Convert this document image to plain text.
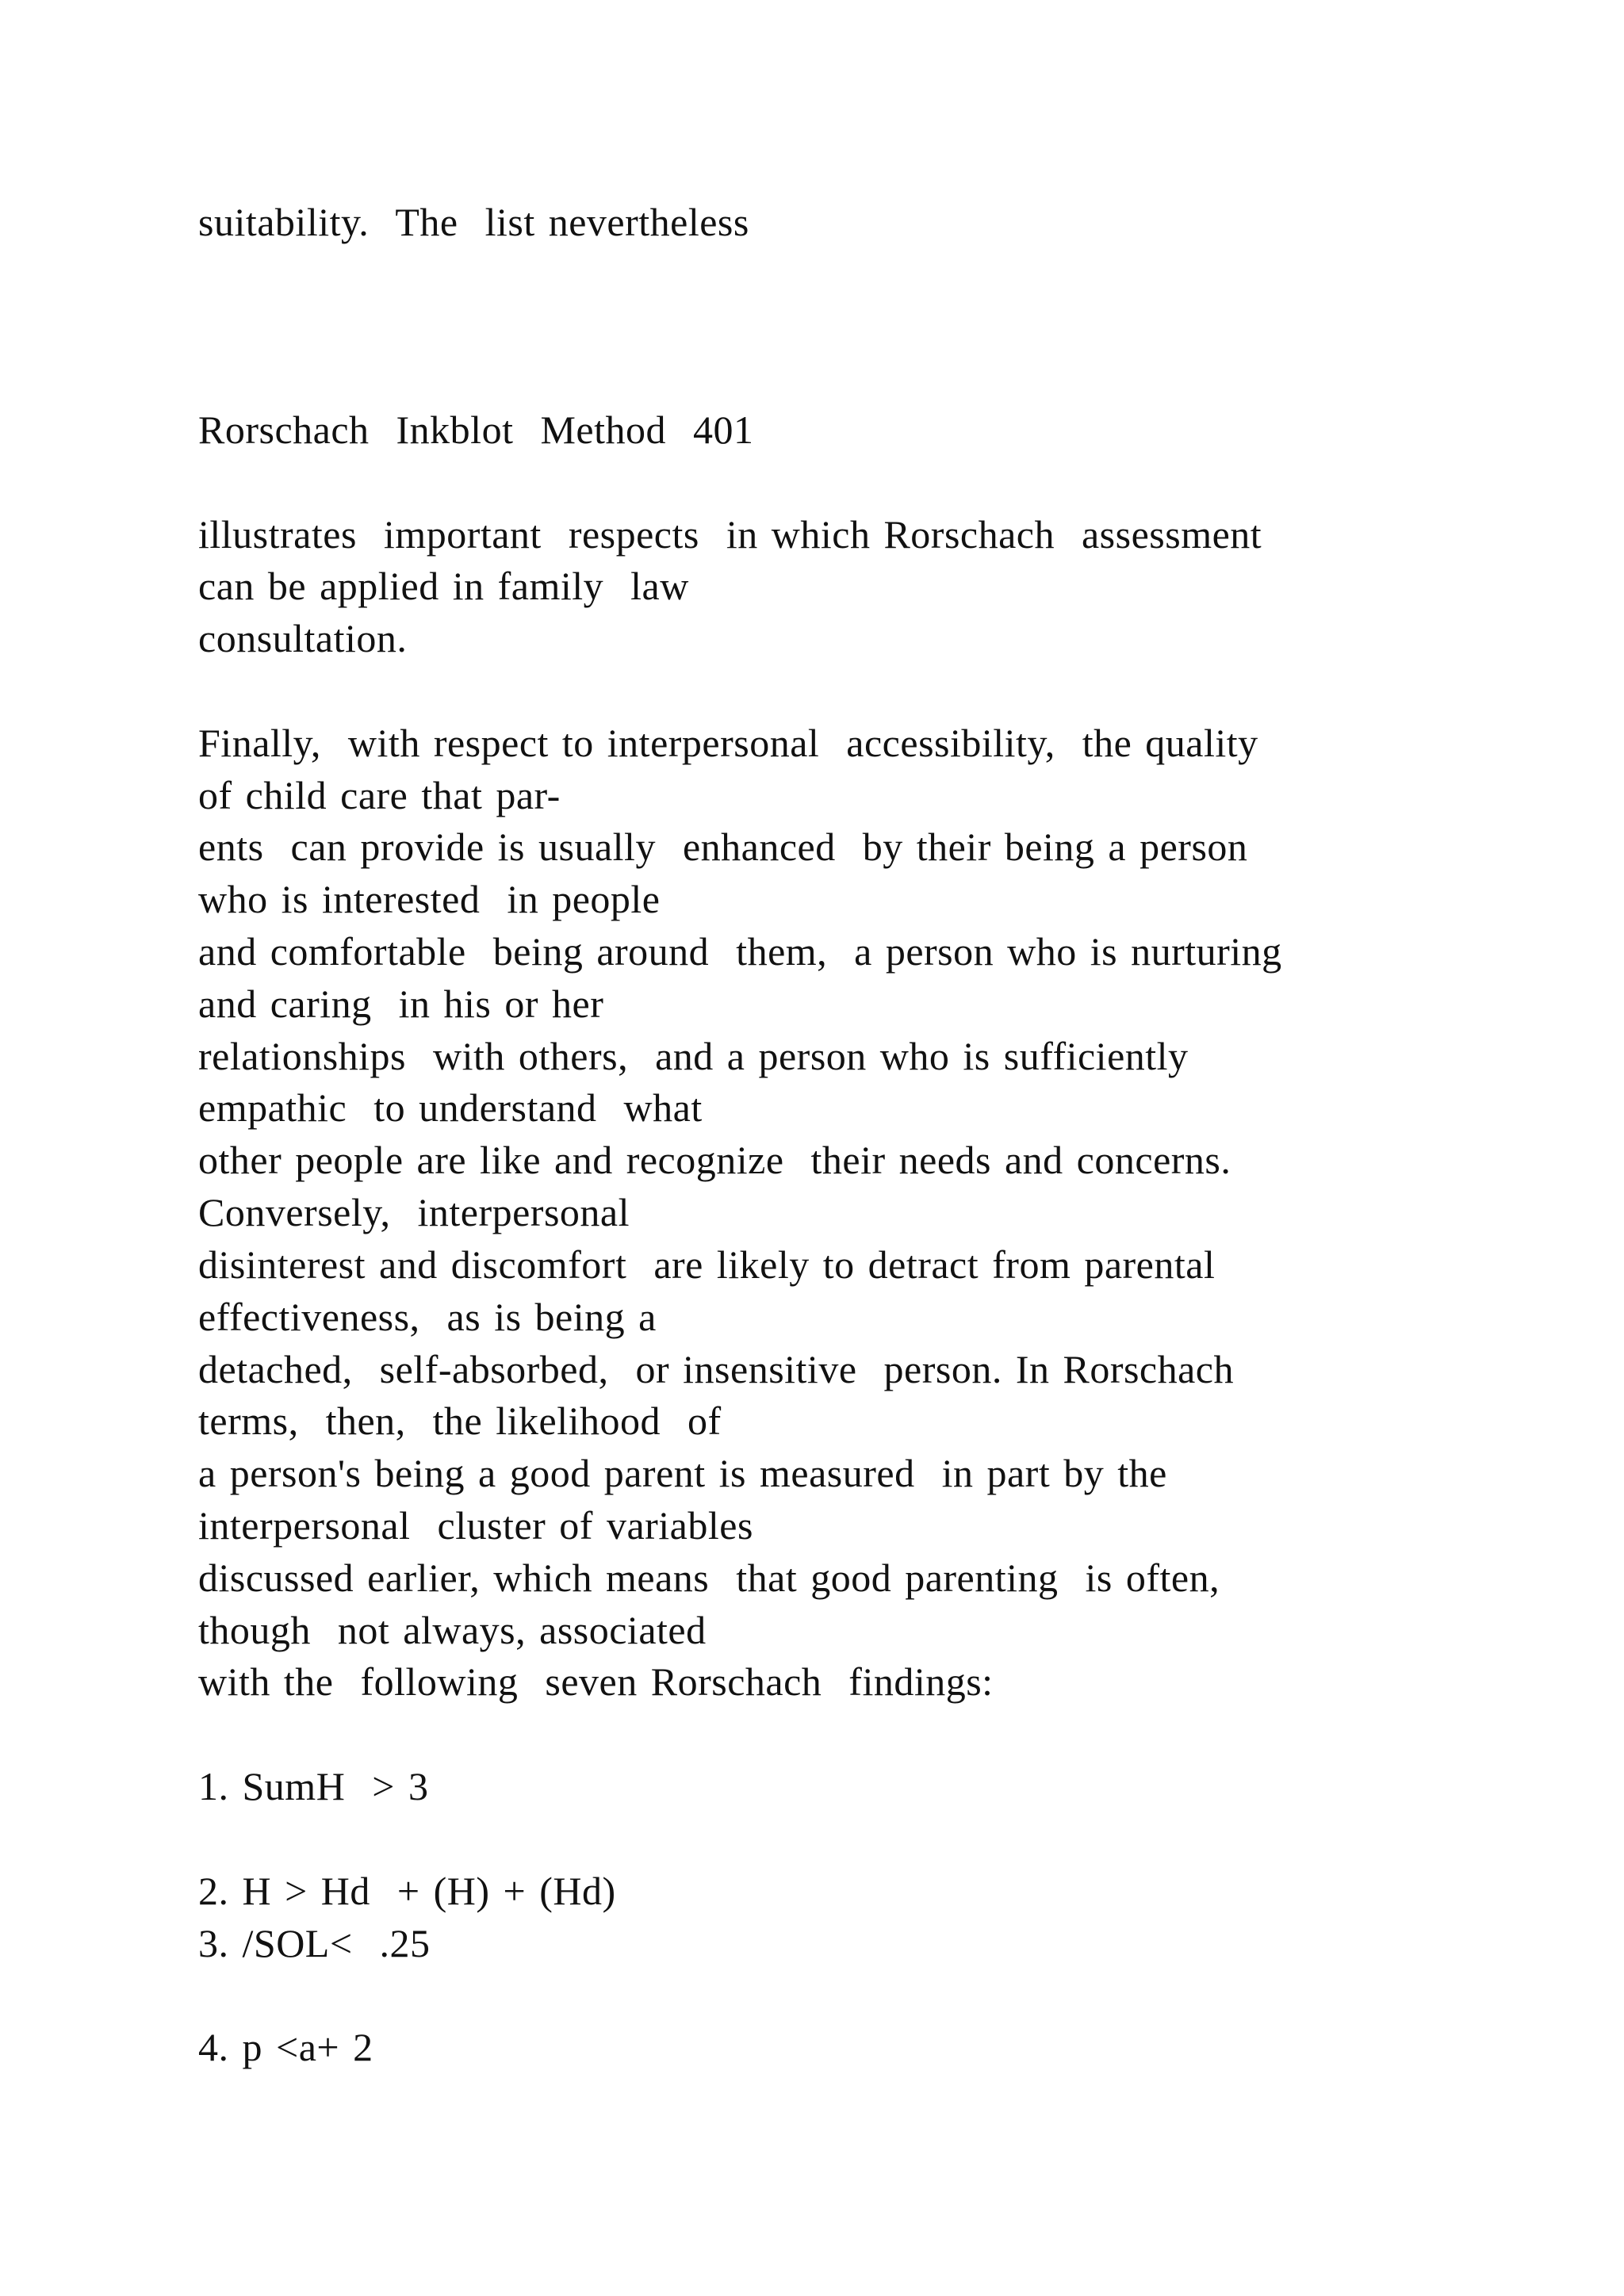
suitability.  The  list nevertheless
Rorschach  Inkblot  Method  401
illustrates  important  respects  in which Rorschach  assessment
can be applied in family  law
consultation.
Finally,  with respect to interpersonal  accessibility,  the quality
of child care that par-
ents  can provide is usually  enhanced  by their being a person
who is interested  in people
and comfortable  being around  them,  a person who is nurturing
and caring  in his or her
relationships  with others,  and a person who is sufficiently
empathic  to understand  what
other people are like and recognize  their needs and concerns.
Conversely,  interpersonal
disinterest and discomfort  are likely to detract from parental
effectiveness,  as is being a
detached,  self-absorbed,  or insensitive  person. In Rorschach
terms,  then,  the likelihood  of
a person's being a good parent is measured  in part by the
interpersonal  cluster of variables
discussed earlier, which means  that good parenting  is often,
though  not always, associated
with the  following  seven Rorschach  findings:
1. SumH  > 3
2. H > Hd  + (H) + (Hd)
3. /SOL<  .25
4. p <a+ 2
